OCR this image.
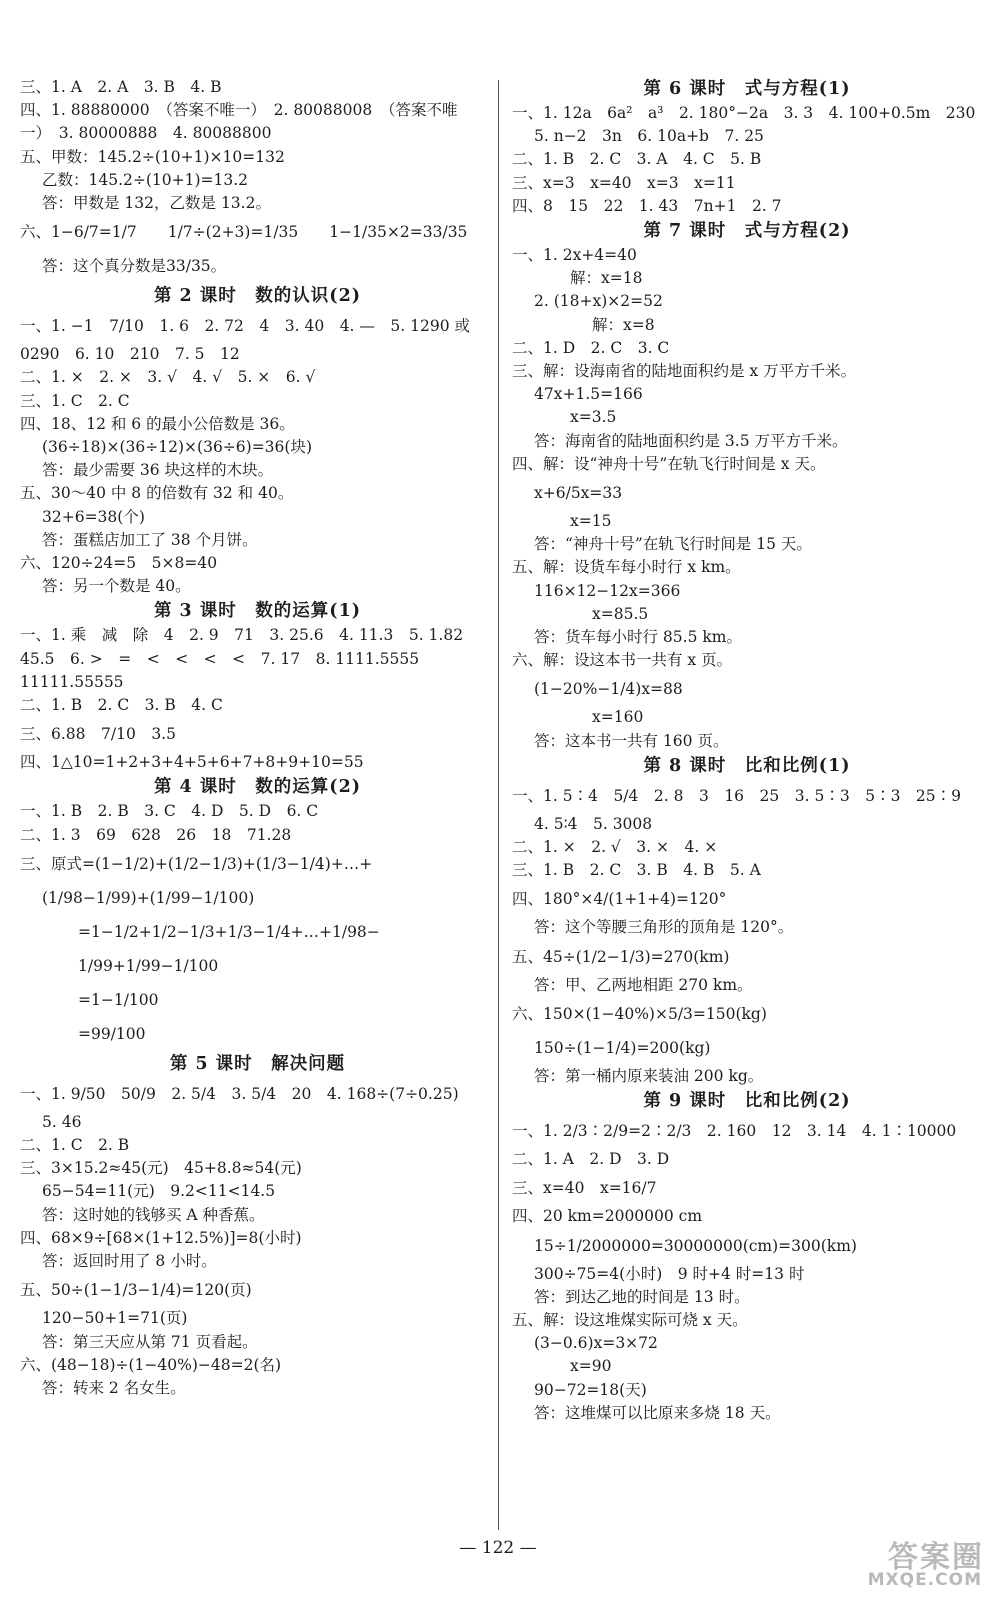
三、1. A　2. A　3. B　4. B
四、1. 88880000　（答案不唯一）　2. 80088008　（答案不唯
一）　3. 80000888　4. 80088800
五、甲数：145.2÷(10+1)×10=132
乙数：145.2÷(10+1)=13.2
答：甲数是 132，乙数是 13.2。
六、1−6/7=1/7　　1/7÷(2+3)=1/35　　1−1/35×2=33/35
答：这个真分数是33/35。
第 2 课时　数的认识(2)
一、1. −1　7/10　1. 6　2. 72　4　3. 40　4. —　5. 1290 或
0290　6. 10　210　7. 5　12
二、1. ×　2. ×　3. √　4. √　5. ×　6. √
三、1. C　2. C
四、18、12 和 6 的最小公倍数是 36。
(36÷18)×(36÷12)×(36÷6)=36(块)
答：最少需要 36 块这样的木块。
五、30～40 中 8 的倍数有 32 和 40。
32+6=38(个)
答：蛋糕店加工了 38 个月饼。
六、120÷24=5　5×8=40
答：另一个数是 40。
第 3 课时　数的运算(1)
一、1. 乘　减　除　4　2. 9　71　3. 25.6　4. 11.3　5. 1.82
45.5　6. >　=　<　<　<　<　7. 17　8. 1111.5555
11111.55555
二、1. B　2. C　3. B　4. C
三、6.88　7/10　3.5
四、1△10=1+2+3+4+5+6+7+8+9+10=55
第 4 课时　数的运算(2)
一、1. B　2. B　3. C　4. D　5. D　6. C
二、1. 3　69　628　26　18　71.28
三、原式=(1−1/2)+(1/2−1/3)+(1/3−1/4)+…+
(1/98−1/99)+(1/99−1/100)
=1−1/2+1/2−1/3+1/3−1/4+…+1/98−
1/99+1/99−1/100
=1−1/100
=99/100
第 5 课时　解决问题
一、1. 9/50　50/9　2. 5/4　3. 5/4　20　4. 168÷(7÷0.25)
5. 46
二、1. C　2. B
三、3×15.2≈45(元)　45+8.8≈54(元)
65−54=11(元)　9.2<11<14.5
答：这时她的钱够买 A 种香蕉。
四、68×9÷[68×(1+12.5%)]=8(小时)
答：返回时用了 8 小时。
五、50÷(1−1/3−1/4)=120(页)
120−50+1=71(页)
答：第三天应从第 71 页看起。
六、(48−18)÷(1−40%)−48=2(名)
答：转来 2 名女生。
第 6 课时　式与方程(1)
一、1. 12a　6a²　a³　2. 180°−2a　3. 3　4. 100+0.5m　230
5. n−2　3n　6. 10a+b　7. 25
二、1. B　2. C　3. A　4. C　5. B
三、x=3　x=40　x=3　x=11
四、8　15　22　1. 43　7n+1　2. 7
第 7 课时　式与方程(2)
一、1. 2x+4=40
解：x=18
2. (18+x)×2=52
解：x=8
二、1. D　2. C　3. C
三、解：设海南省的陆地面积约是 x 万平方千米。
47x+1.5=166
x=3.5
答：海南省的陆地面积约是 3.5 万平方千米。
四、解：设“神舟十号”在轨飞行时间是 x 天。
x+6/5x=33
x=15
答：“神舟十号”在轨飞行时间是 15 天。
五、解：设货车每小时行 x km。
116×12−12x=366
x=85.5
答：货车每小时行 85.5 km。
六、解：设这本书一共有 x 页。
(1−20%−1/4)x=88
x=160
答：这本书一共有 160 页。
第 8 课时　比和比例(1)
一、1. 5∶4　5/4　2. 8　3　16　25　3. 5∶3　5∶3　25∶9
4. 5∶4　5. 3008
二、1. ×　2. √　3. ×　4. ×
三、1. B　2. C　3. B　4. B　5. A
四、180°×4/(1+1+4)=120°
答：这个等腰三角形的顶角是 120°。
五、45÷(1/2−1/3)=270(km)
答：甲、乙两地相距 270 km。
六、150×(1−40%)×5/3=150(kg)
150÷(1−1/4)=200(kg)
答：第一桶内原来装油 200 kg。
第 9 课时　比和比例(2)
一、1. 2/3∶2/9=2∶2/3　2. 160　12　3. 14　4. 1∶10000
二、1. A　2. D　3. D
三、x=40　x=16/7
四、20 km=2000000 cm
15÷1/2000000=30000000(cm)=300(km)
300÷75=4(小时)　9 时+4 时=13 时
答：到达乙地的时间是 13 时。
五、解：设这堆煤实际可烧 x 天。
(3−0.6)x=3×72
x=90
90−72=18(天)
答：这堆煤可以比原来多烧 18 天。
— 122 —	答案圈
MXQE.COM
